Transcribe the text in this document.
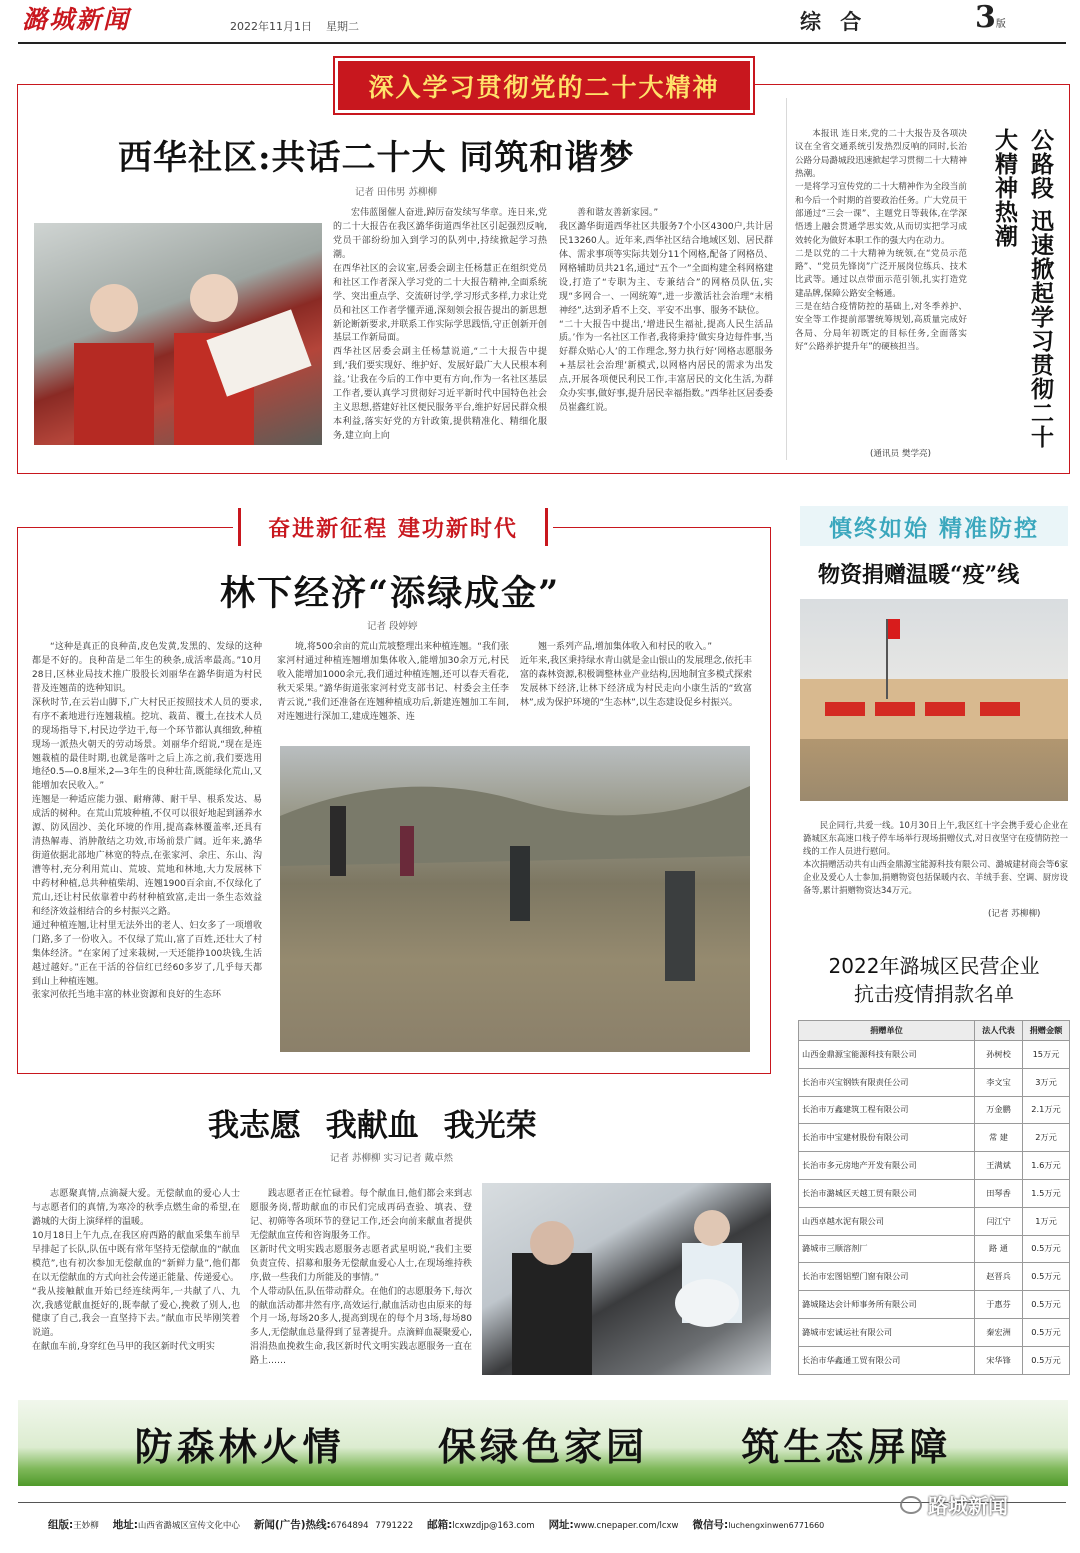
潞城新闻	2022年11月1日 星期二	综 合	3版
深入学习贯彻党的二十大精神
西华社区:共话二十大 同筑和谐梦
记者 田伟男 苏柳柳
宏伟蓝图催人奋进,踔厉奋发续写华章。连日来,党的二十大报告在我区潞华街道西华社区引起强烈反响,党员干部纷纷加入到学习的队列中,持续掀起学习热潮。
在西华社区的会议室,居委会副主任杨慧正在组织党员和社区工作者深入学习党的二十大报告精神,全面系统学、突出重点学、交流研讨学,学习形式多样,力求让党员和社区工作者学懂弄通,深刻领会报告提出的新思想新论断新要求,并联系工作实际学思践悟,守正创新开创基层工作新局面。
西华社区居委会副主任杨慧说道,“二十大报告中提到,‘我们要实现好、维护好、发展好最广大人民根本利益。’让我在今后的工作中更有方向,作为一名社区基层工作者,要认真学习贯彻好习近平新时代中国特色社会主义思想,搭建好社区便民服务平台,维护好居民群众根本利益,落实好党的方针政策,提供精准化、精细化服务,建立向上向
善和谐友善新家园。”
我区潞华街道西华社区共服务7个小区4300户,共计居民13260人。近年来,西华社区结合地域区划、居民群体、需求事项等实际共划分11个网格,配备了网格员、网格辅助员共21名,通过“五个一”全面构建全科网格建设,打造了“专职为主、专兼结合”的网格员队伍,实现“多网合一、一网统筹”,进一步激活社会治理“末梢神经”,达到矛盾不上交、平安不出事、服务不缺位。
“二十大报告中提出,‘增进民生福祉,提高人民生活品质。’作为一名社区工作者,我将秉持‘做实身边每件事,当好群众贴心人’的工作理念,努力执行好‘网格志愿服务+基层社会治理’新模式,以网格内居民的需求为出发点,开展各项便民利民工作,丰富居民的文化生活,为群众办实事,做好事,提升居民幸福指数。”西华社区居委委员崔鑫红说。
本报讯 连日来,党的二十大报告及各项决议在全省交通系统引发热烈反响的同时,长治公路分局潞城段迅速掀起学习贯彻二十大精神热潮。
一是将学习宣传党的二十大精神作为全段当前和今后一个时期的首要政治任务。广大党员干部通过“三会一课”、主题党日等载体,在学深悟透上融会贯通学思实效,从而切实把学习成效转化为做好本职工作的强大内在动力。
二是以党的二十大精神为统领,在“党员示范路”、“党员先锋岗”广泛开展岗位练兵、技术比武等。通过以点带面示范引领,扎实打造党建品牌,保障公路安全畅通。
三是在结合疫情防控的基础上,对冬季养护、安全等工作提前部署统筹规划,高质量完成好各局、分局年初既定的目标任务,全面落实好“公路养护提升年”的硬核担当。
(通讯员 樊学亮)
公路段 迅速掀起学习贯彻二十大精神热潮
奋进新征程 建功新时代
林下经济“添绿成金”
记者 段婷婷
“这种是真正的良种苗,皮色发黄,发黑的、发绿的这种都是不好的。良种苗是二年生的秧条,成活率最高。”10月28日,区林业局技术推广股股长刘丽华在潞华街道为村民普及连翘苗的选种知识。
深秋时节,在云岩山脚下,广大村民正按照技术人员的要求,有序不紊地进行连翘栽植。挖坑、栽苗、覆土,在技术人员的现场指导下,村民边学边干,每一个环节都认真细致,种植现场一派热火朝天的劳动场景。刘丽华介绍说,“现在是连翘栽植的最佳时期,也就是落叶之后上冻之前,我们要选用地径0.5—0.8厘米,2—3年生的良种壮苗,既能绿化荒山,又能增加农民收入。”
连翘是一种适应能力强、耐瘠薄、耐干旱、根系发达、易成活的树种。在荒山荒坡种植,不仅可以很好地起到涵养水源、防风固沙、美化环境的作用,提高森林覆盖率,还具有清热解毒、消肿散结之功效,市场前景广阔。近年来,潞华街道依据北部地广林宽的特点,在张家河、余庄、东山、沟漕等村,充分利用荒山、荒坡、荒地和林地,大力发展林下中药材种植,总共种植柴胡、连翘1900百余亩,不仅绿化了荒山,还让村民依靠着中药材种植致富,走出一条生态效益和经济效益相结合的乡村振兴之路。
通过种植连翘,让村里无法外出的老人、妇女多了一项增收门路,多了一份收入。不仅绿了荒山,富了百姓,还壮大了村集体经济。“在家闲了过来栽树,一天还能挣100块钱,生活越过越好。”正在干活的谷信红已经60多岁了,几乎每天都到山上种植连翘。
张家河依托当地丰富的林业资源和良好的生态环
境,将500余亩的荒山荒坡整理出来种植连翘。“我们张家河村通过种植连翘增加集体收入,能增加30余万元,村民收入能增加1000余元,我们通过种植连翘,还可以春天看花,秋天采果。”潞华街道张家河村党支部书记、村委会主任李青云说,“我们还准备在连翘种植成功后,新建连翘加工车间,对连翘进行深加工,建成连翘茶、连
翘一系列产品,增加集体收入和村民的收入。”
近年来,我区秉持绿水青山就是金山银山的发展理念,依托丰富的森林资源,积极调整林业产业结构,因地制宜多模式探索发展林下经济,让林下经济成为村民走向小康生活的“致富林”,成为保护环境的“生态林”,以生态建设促乡村振兴。
慎终如始 精准防控
物资捐赠温暖“疫”线
民企同行,共爱一线。10月30日上午,我区红十字会携手爱心企业在潞城区东高速口栈子停车场举行现场捐赠仪式,对日夜坚守在疫情防控一线的工作人员进行慰问。
本次捐赠活动共有山西金鼎源宝能源科技有限公司、潞城建材商会等6家企业及爱心人士参加,捐赠物资包括保暖内衣、羊绒手套、空调、厨房设备等,累计捐赠物资达34万元。
(记者 苏柳柳)
2022年潞城区民营企业
抗击疫情捐款名单
捐赠单位	法人代表	捐赠金额
山西金鼎源宝能源科技有限公司	孙树校	15万元
长治市兴宝钢铁有限责任公司	李文宝	3万元
长治市万鑫建筑工程有限公司	万金鹏	2.1万元
长治市中宝建材股份有限公司	常 建	2万元
长治市多元房地产开发有限公司	王满斌	1.6万元
长治市潞城区天越工贸有限公司	田琴香	1.5万元
山西卓越水泥有限公司	闫江宁	1万元
潞城市三顺溶剂厂	路 通	0.5万元
长治市宏图铝塑门窗有限公司	赵晋兵	0.5万元
潞城隆达会计师事务所有限公司	于惠芬	0.5万元
潞城市宏诚运社有限公司	秦宏洲	0.5万元
长治市华鑫通工贸有限公司	宋华锋	0.5万元
我志愿 我献血 我光荣
记者 苏柳柳 实习记者 戴卓然
志愿聚真情,点滴凝大爱。无偿献血的爱心人士与志愿者们的真情,为寒冷的秋季点燃生命的希望,在潞城的大街上演绎样的温暖。
10月18日上午九点,在我区府西路的献血采集车前早早排起了长队,队伍中既有常年坚持无偿献血的“献血模范”,也有初次参加无偿献血的“新鲜力量”,他们都在以无偿献血的方式向社会传递正能量、传递爱心。
“我从接触献血开始已经连续两年,一共献了八、九次,我感觉献血挺好的,既奉献了爱心,挽救了别人,也健康了自己,我会一直坚持下去。”献血市民毕刚笑着说道。
在献血车前,身穿红色马甲的我区新时代文明实
践志愿者正在忙碌着。每个献血日,他们都会来到志愿服务岗,帮助献血的市民们完成再码查验、填表、登记、初筛等各项环节的登记工作,还会向前来献血者提供无偿献血宣传和咨询服务工作。
区新时代文明实践志愿服务志愿者武星明说,“我们主要负责宣传、招募和服务无偿献血爱心人士,在现场维持秩序,做一些我们力所能及的事情。”
个人带动队伍,队伍带动群众。在他们的志愿服务下,每次的献血活动都井然有序,高效运行,献血活动也由原来的每个月一场,每场20多人,提高到现在的每个月3场,每场80多人,无偿献血总量得到了显著提升。点滴鲜血凝聚爱心,涓涓热血挽救生命,我区新时代文明实践志愿服务一直在路上……
防森林火情 保绿色家园 筑生态屏障
组版:王妙柳 地址:山西省潞城区宣传文化中心 新闻(广告)热线:6764894 7791222 邮箱:lcxwzdjp@163.com 网址:www.cnepaper.com/lcxw 微信号:luchengxinwen6771660
路城新闻
